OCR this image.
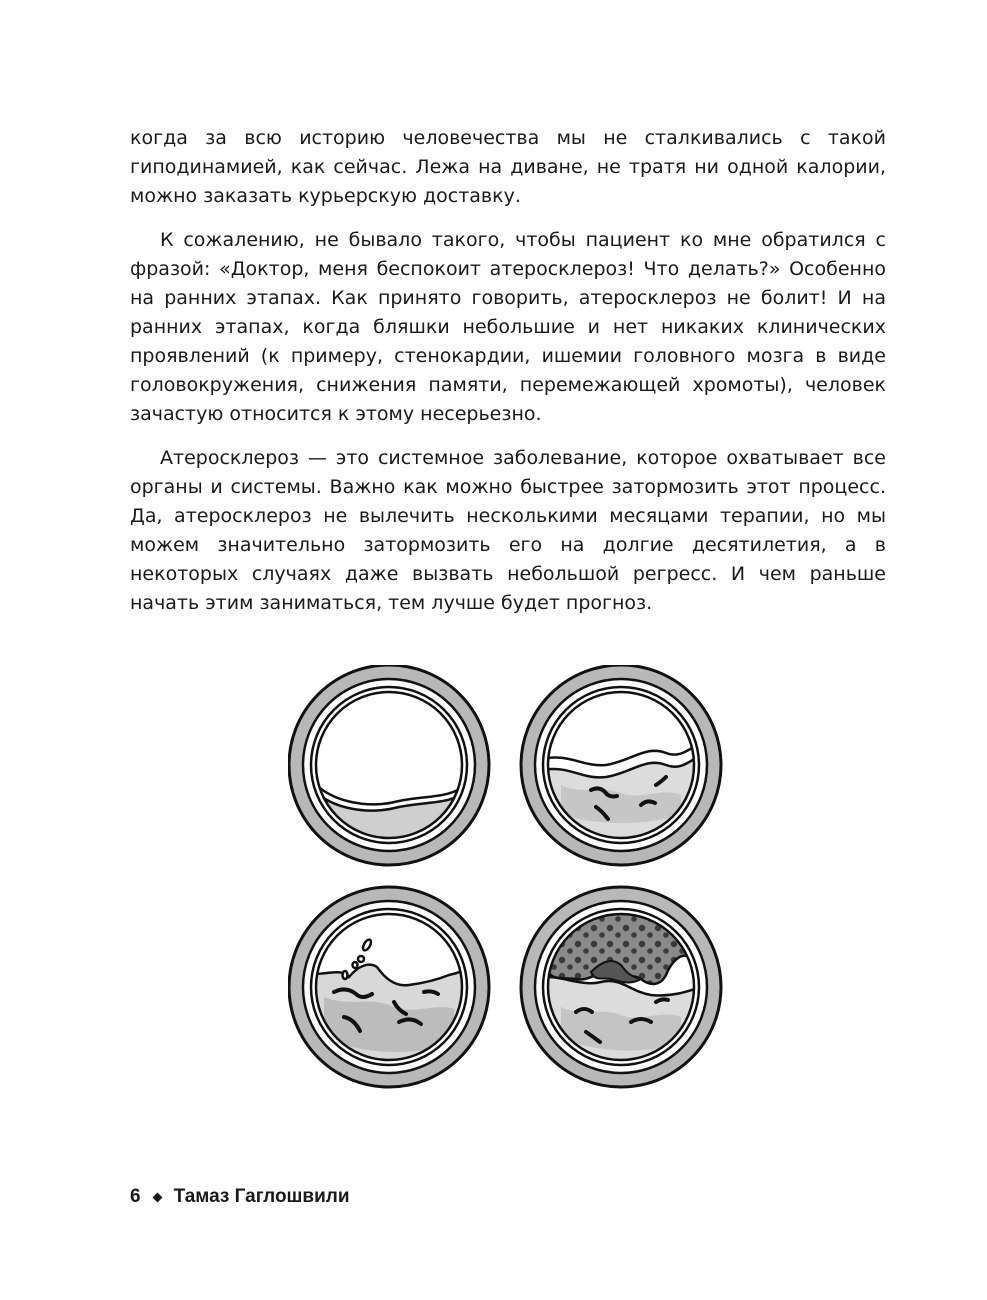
когда за всю историю человечества мы не сталкивались с такой гиподинамией, как сейчас. Лежа на диване, не тратя ни одной калории, можно заказать курьерскую доставку.

К сожалению, не бывало такого, чтобы пациент ко мне обратился с фразой: «Доктор, меня беспокоит атеросклероз! Что делать?» Особенно на ранних этапах. Как принято говорить, атеросклероз не болит! И на ранних этапах, когда бляшки небольшие и нет никаких клинических проявлений (к примеру, стенокардии, ишемии головного мозга в виде головокружения, снижения памяти, перемежающей хромоты), человек зачастую относится к этому несерьезно.

Атеросклероз — это системное заболевание, которое охватывает все органы и системы. Важно как можно быстрее затормозить этот процесс. Да, атеросклероз не вылечить несколькими месяцами терапии, но мы можем значительно затормозить его на долгие десятилетия, а в некоторых случаях даже вызвать небольшой регресс. И чем раньше начать этим заниматься, тем лучше будет прогноз.

6 Тамаз Гаглошвили
